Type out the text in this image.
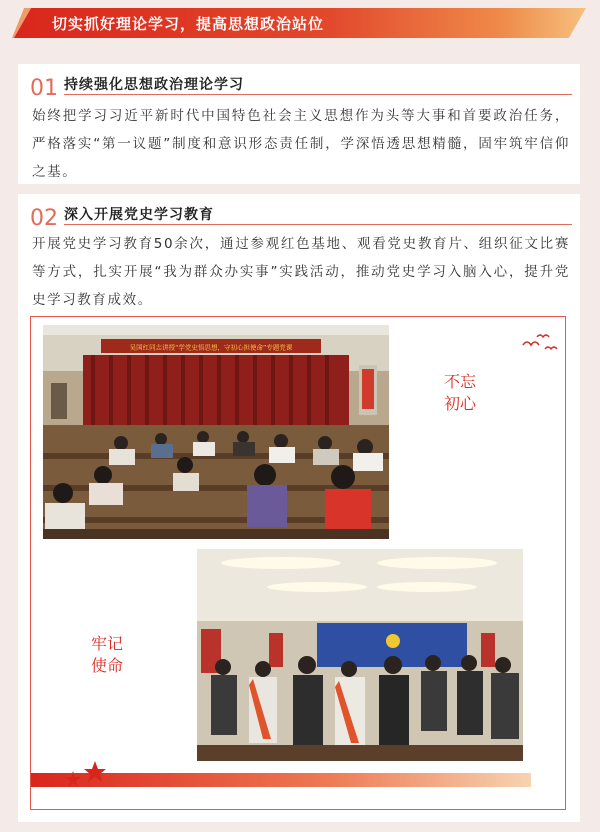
切实抓好理论学习，提高思想政治站位
01 持续强化思想政治理论学习
始终把学习习近平新时代中国特色社会主义思想作为头等大事和首要政治任务，严格落实“第一议题”制度和意识形态责任制，学深悟透思想精髓，固牢筑牢信仰之基。
02 深入开展党史学习教育
开展党史学习教育50余次，通过参观红色基地、观看党史教育片、组织征文比赛等方式，扎实开展“我为群众办实事”实践活动，推动党史学习入脑入心，提升党史学习教育成效。
吴国红同志讲授“学党史悟思想，守初心担使命”专题党课
不忘
初心
牢记
使命
